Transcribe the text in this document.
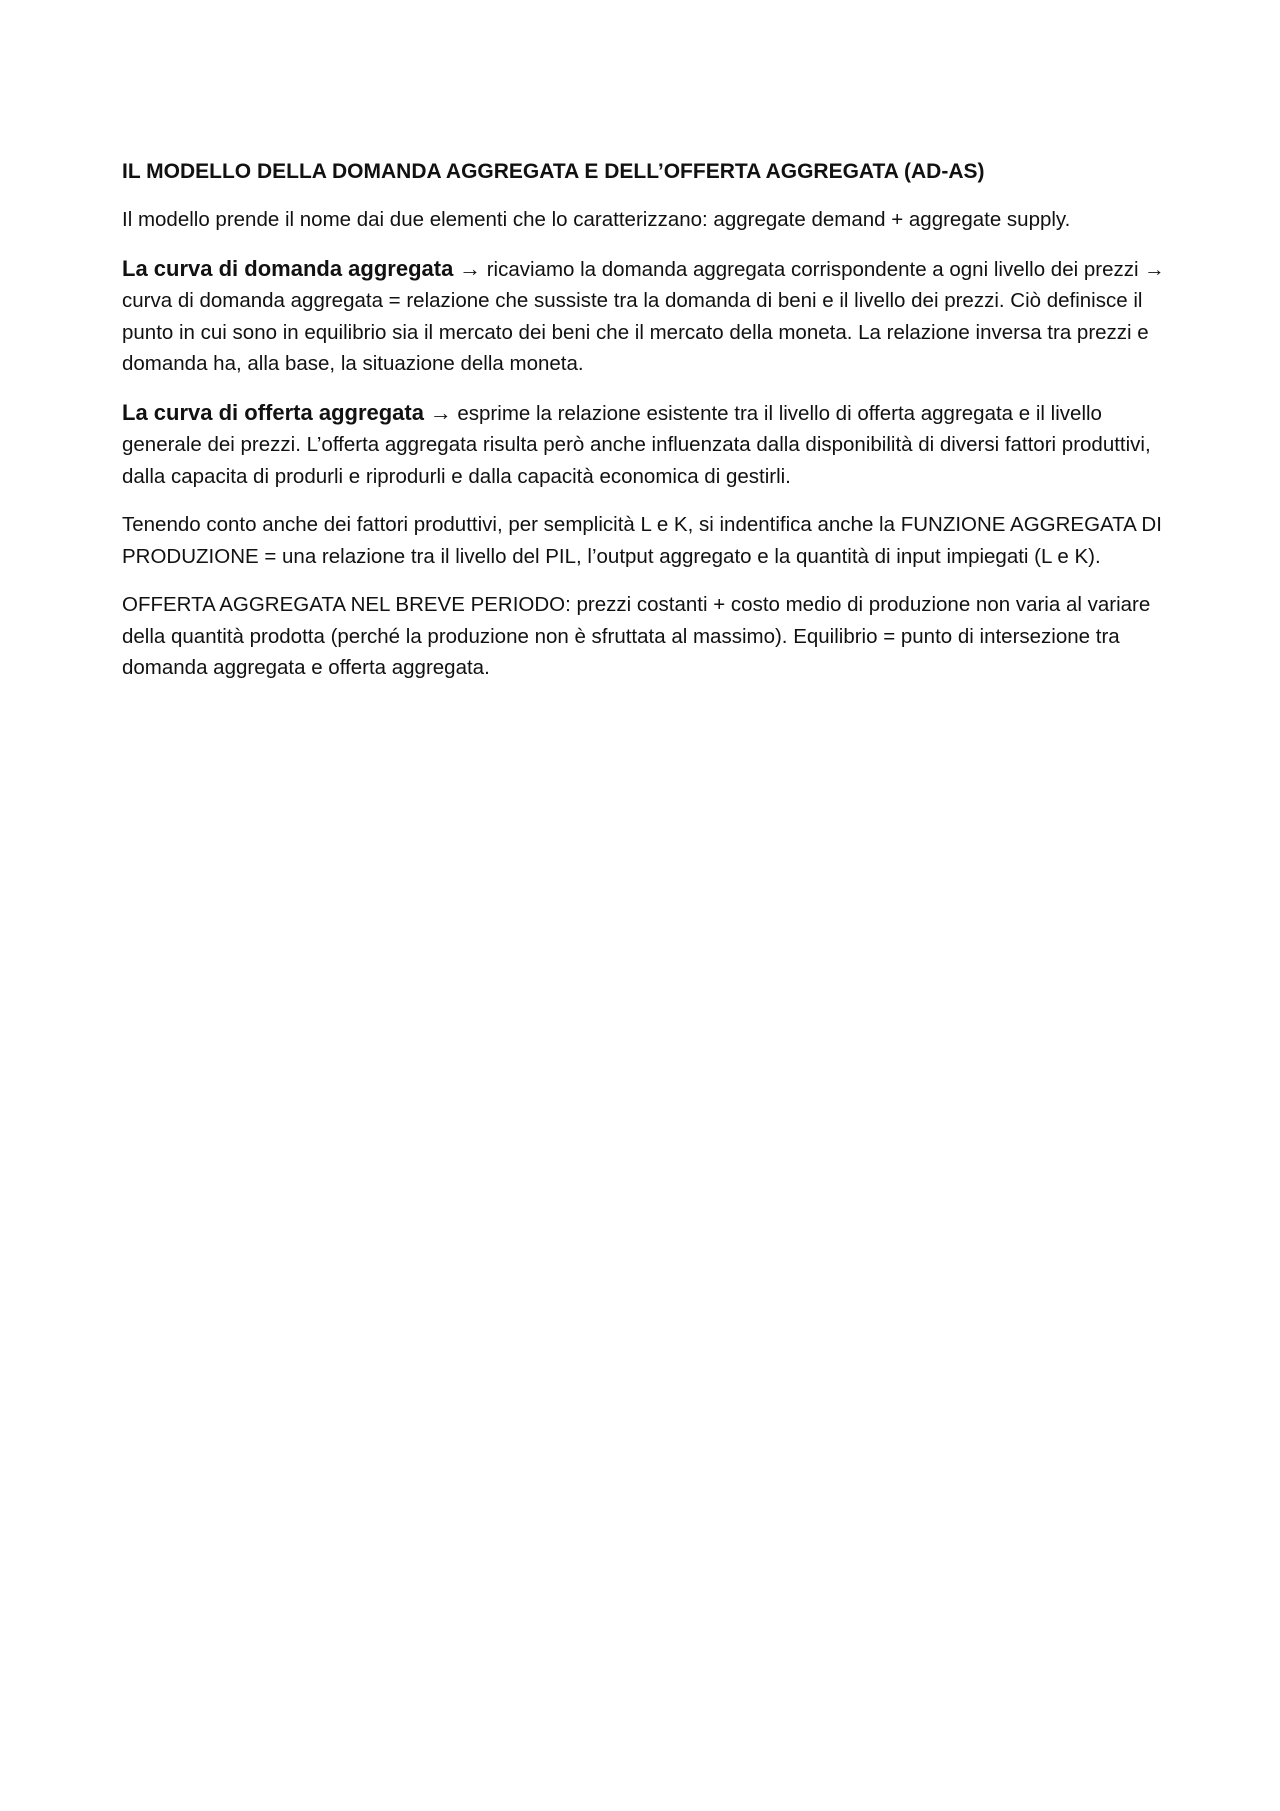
IL MODELLO DELLA DOMANDA AGGREGATA E DELL’OFFERTA AGGREGATA (AD-AS)

Il modello prende il nome dai due elementi che lo caratterizzano: aggregate demand + aggregate supply.

La curva di domanda aggregata → ricaviamo la domanda aggregata corrispondente a ogni livello dei prezzi → curva di domanda aggregata = relazione che sussiste tra la domanda di beni e il livello dei prezzi. Ciò definisce il punto in cui sono in equilibrio sia il mercato dei beni che il mercato della moneta. La relazione inversa tra prezzi e domanda ha, alla base, la situazione della moneta.

La curva di offerta aggregata → esprime la relazione esistente tra il livello di offerta aggregata e il livello generale dei prezzi. L’offerta aggregata risulta però anche influenzata dalla disponibilità di diversi fattori produttivi, dalla capacita di produrli e riprodurli e dalla capacità economica di gestirli.

Tenendo conto anche dei fattori produttivi, per semplicità L e K, si indentifica anche la FUNZIONE AGGREGATA DI PRODUZIONE = una relazione tra il livello del PIL, l’output aggregato e la quantità di input impiegati (L e K).

OFFERTA AGGREGATA NEL BREVE PERIODO: prezzi costanti + costo medio di produzione non varia al variare della quantità prodotta (perché la produzione non è sfruttata al massimo). Equilibrio = punto di intersezione tra domanda aggregata e offerta aggregata.
